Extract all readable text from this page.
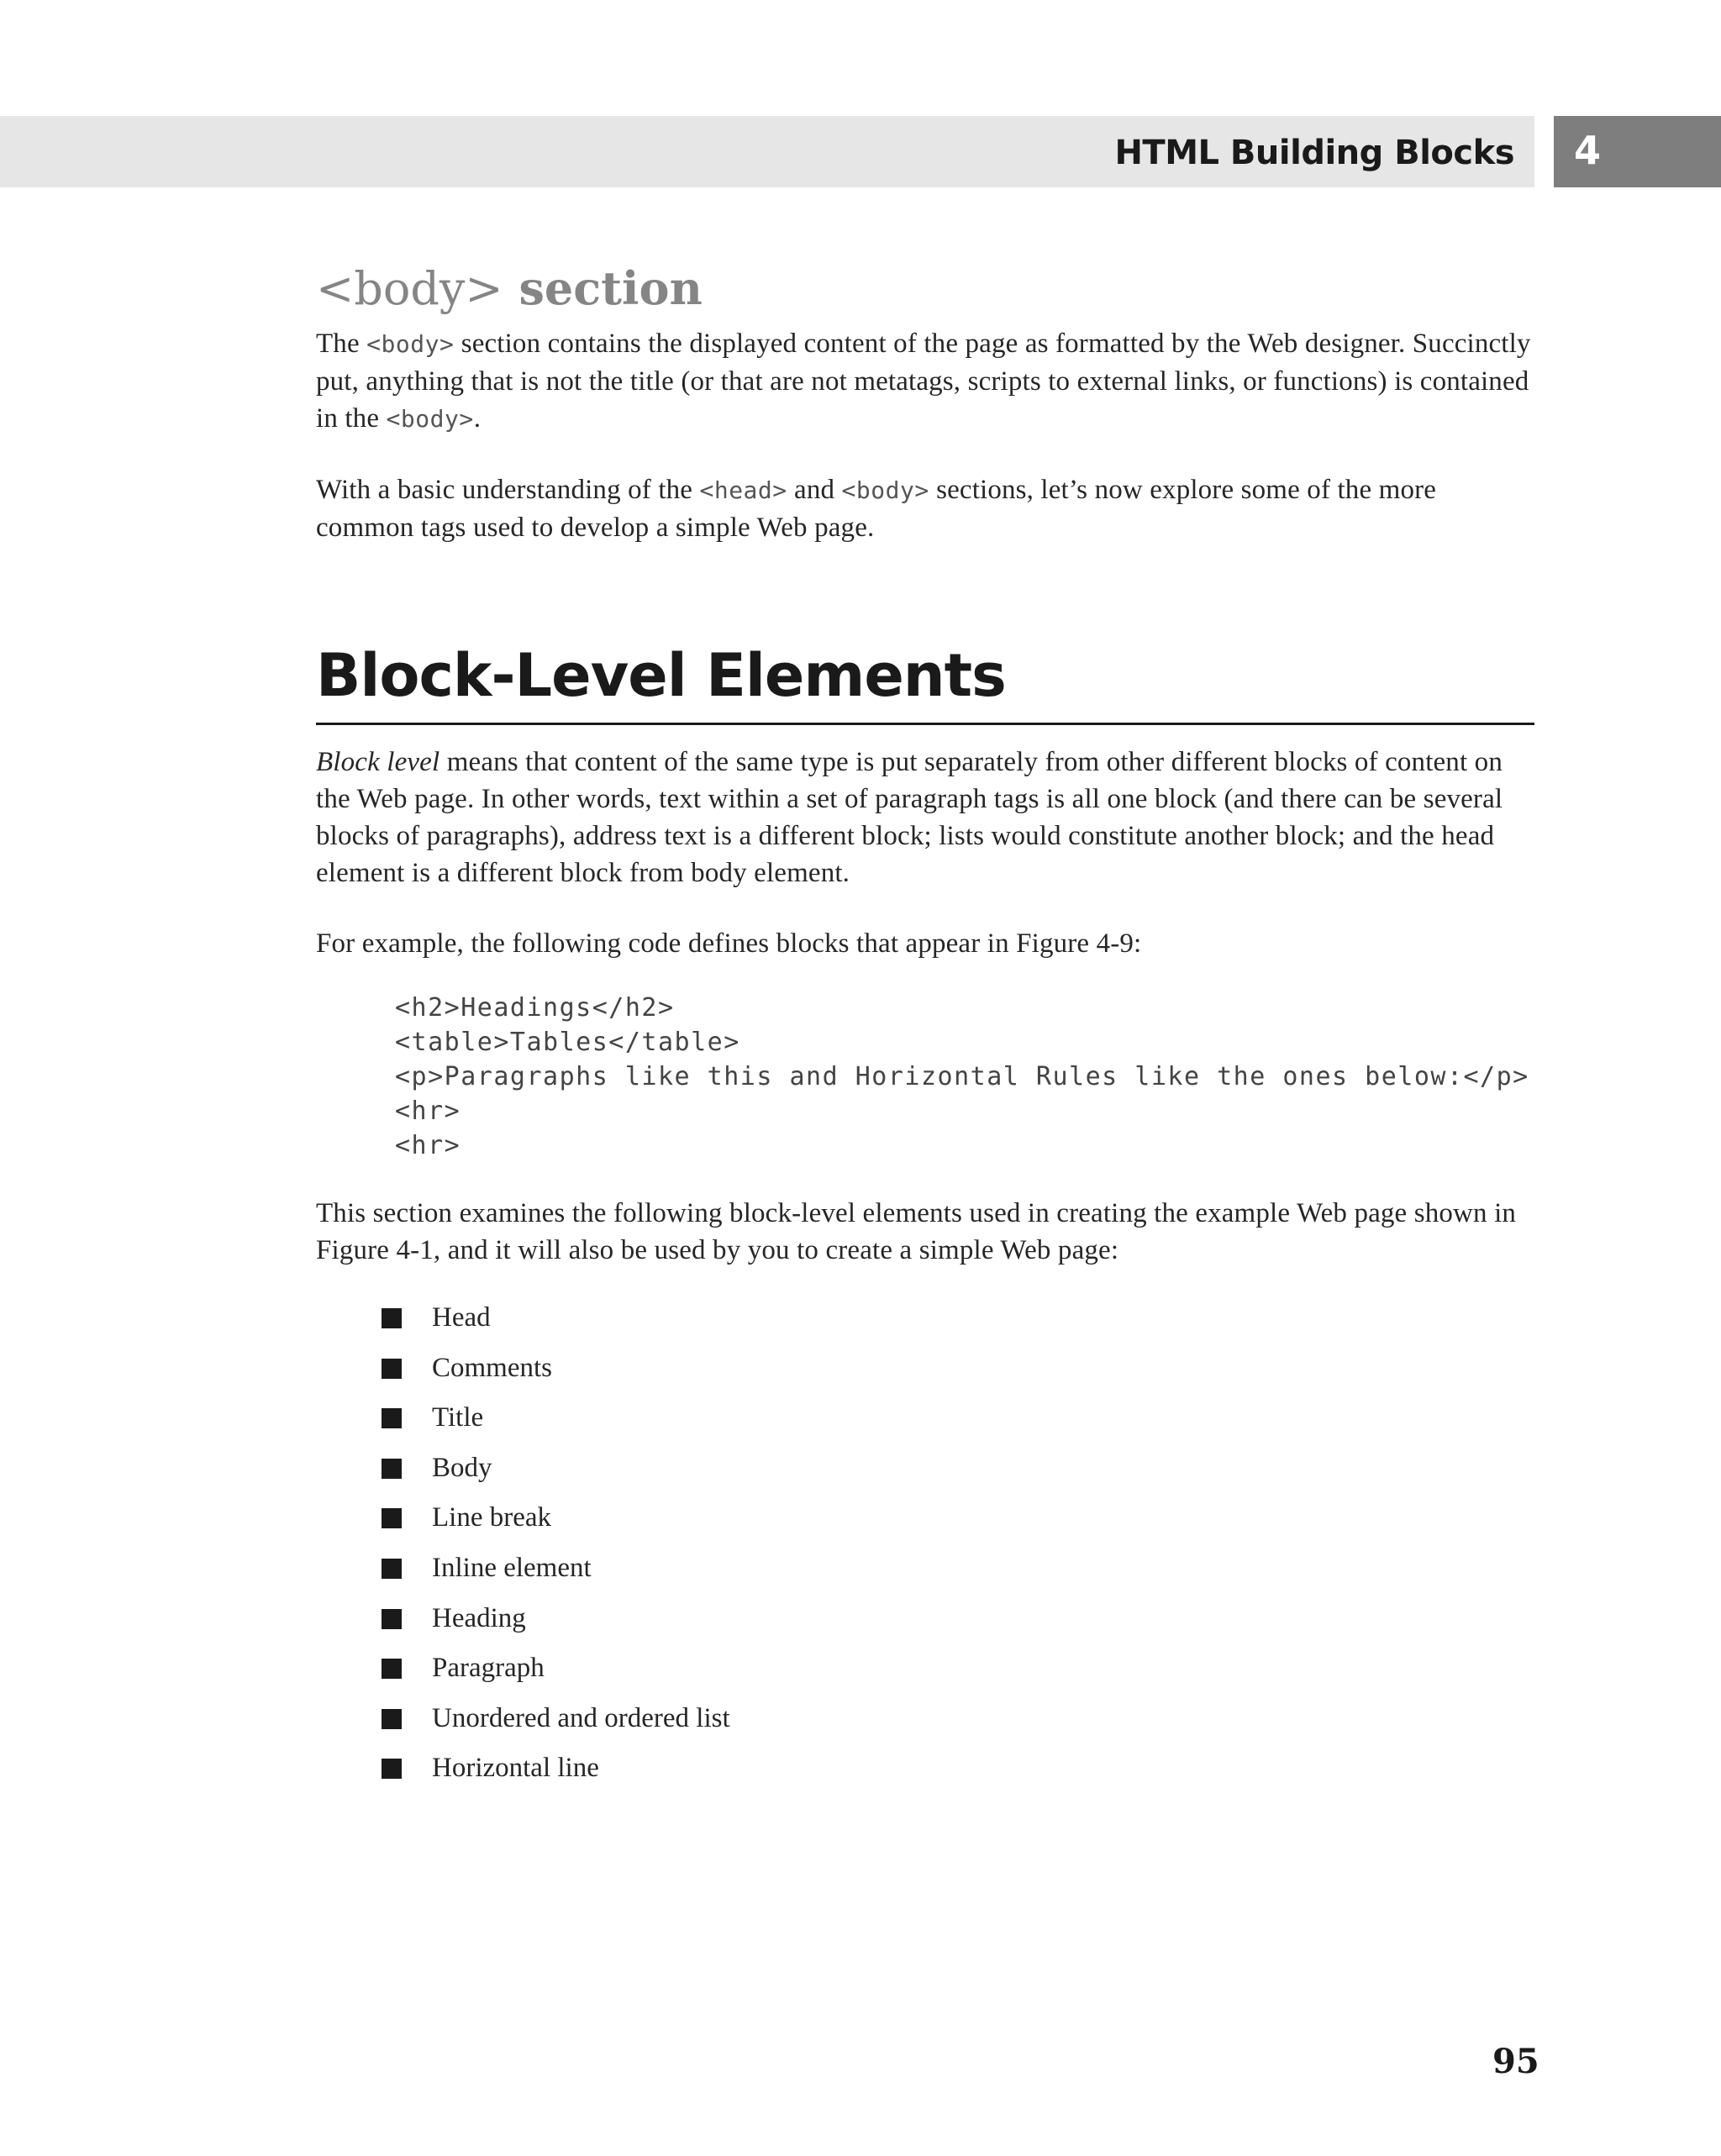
HTML Building Blocks 4
<body> section

The <body> section contains the displayed content of the page as formatted by the Web designer. Succinctly put, anything that is not the title (or that are not metatags, scripts to external links, or functions) is contained in the <body>.

With a basic understanding of the <head> and <body> sections, let’s now explore some of the more common tags used to develop a simple Web page.

Block-Level Elements

Block level means that content of the same type is put separately from other different blocks of content on the Web page. In other words, text within a set of paragraph tags is all one block (and there can be several blocks of paragraphs), address text is a different block; lists would constitute another block; and the head element is a different block from body element.

For example, the following code defines blocks that appear in Figure 4-9:

<h2>Headings</h2>
<table>Tables</table>
<p>Paragraphs like this and Horizontal Rules like the ones below:</p>
<hr>
<hr>

This section examines the following block-level elements used in creating the example Web page shown in Figure 4-1, and it will also be used by you to create a simple Web page:

Head
Comments
Title
Body
Line break
Inline element
Heading
Paragraph
Unordered and ordered list
Horizontal line
95
